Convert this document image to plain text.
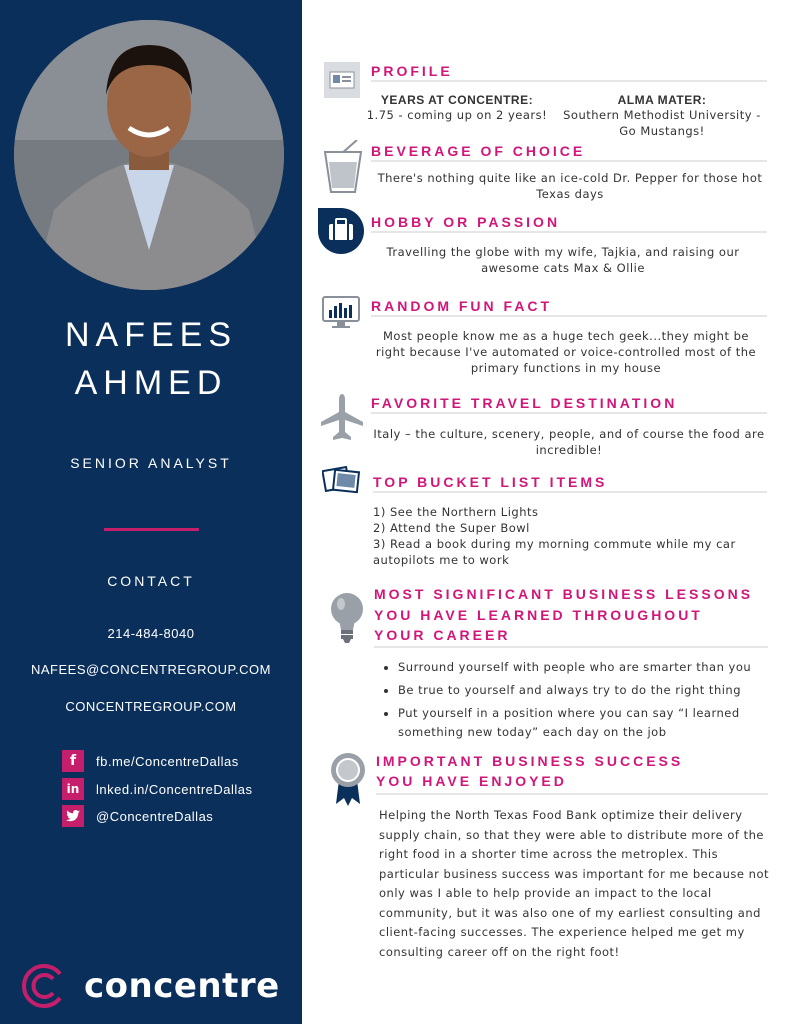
NAFEES
AHMED
SENIOR ANALYST
CONTACT
214-484-8040
NAFEES@CONCENTREGROUP.COM
CONCENTREGROUP.COM
f	fb.me/ConcentreDallas
in	lnked.in/ConcentreDallas
@ConcentreDallas
concentre
PROFILE
YEARS AT CONCENTRE:
1.75 - coming up on 2 years!
ALMA MATER:
Southern Methodist University - Go Mustangs!
BEVERAGE OF CHOICE
There's nothing quite like an ice-cold Dr. Pepper for those hot Texas days
HOBBY OR PASSION
Travelling the globe with my wife, Tajkia, and raising our awesome cats Max & Ollie
RANDOM FUN FACT
Most people know me as a huge tech geek...they might be right because I've automated or voice-controlled most of the primary functions in my house
FAVORITE TRAVEL DESTINATION
Italy – the culture, scenery, people, and of course the food are incredible!
TOP BUCKET LIST ITEMS
1) See the Northern Lights
2) Attend the Super Bowl
3) Read a book during my morning commute while my car autopilots me to work
MOST SIGNIFICANT BUSINESS LESSONS
YOU HAVE LEARNED THROUGHOUT
YOUR CAREER
• Surround yourself with people who are smarter than you
• Be true to yourself and always try to do the right thing
• Put yourself in a position where you can say “I learned something new today” each day on the job
IMPORTANT BUSINESS SUCCESS
YOU HAVE ENJOYED
Helping the North Texas Food Bank optimize their delivery supply chain, so that they were able to distribute more of the right food in a shorter time across the metroplex. This particular business success was important for me because not only was I able to help provide an impact to the local community, but it was also one of my earliest consulting and client-facing successes. The experience helped me get my consulting career off on the right foot!
